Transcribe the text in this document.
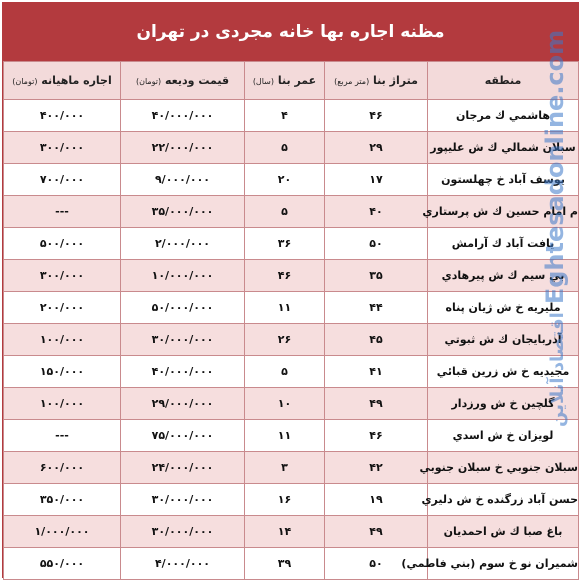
مظنه اجاره بها خانه مجردی در تهران
منطقه	متراژ بنا (متر مربع)	عمر بنا (سال)	قیمت ودیعه (تومان)	اجاره ماهیانه (تومان)
هاشمي ك مرجان	۴۶	۴	۴۰/۰۰۰/۰۰۰	۴۰۰/۰۰۰
سبلان شمالي ك ش عليپور	۲۹	۵	۲۲/۰۰۰/۰۰۰	۳۰۰/۰۰۰
يوسف آباد خ چهلستون	۱۷	۲۰	۹/۰۰۰/۰۰۰	۷۰۰/۰۰۰
م امام حسين ك ش پرستاري	۴۰	۵	۳۵/۰۰۰/۰۰۰	---
يافت آباد ك آرامش	۵۰	۳۶	۲/۰۰۰/۰۰۰	۵۰۰/۰۰۰
بي سيم ك ش پيرهادي	۳۵	۴۶	۱۰/۰۰۰/۰۰۰	۳۰۰/۰۰۰
مليريه خ ش ژيان پناه	۴۴	۱۱	۵۰/۰۰۰/۰۰۰	۲۰۰/۰۰۰
آذربايجان ك ش ثبوتي	۴۵	۲۶	۳۰/۰۰۰/۰۰۰	۱۰۰/۰۰۰
مجيديه خ ش زرين قبائي	۴۱	۵	۴۰/۰۰۰/۰۰۰	۱۵۰/۰۰۰
گلچين خ ش ورزدار	۴۹	۱۰	۲۹/۰۰۰/۰۰۰	۱۰۰/۰۰۰
لويزان خ ش اسدي	۴۶	۱۱	۷۵/۰۰۰/۰۰۰	---
سبلان جنوبي خ سبلان جنوبي	۴۲	۳	۲۴/۰۰۰/۰۰۰	۶۰۰/۰۰۰
حسن آباد زرگنده خ ش دليري	۱۹	۱۶	۳۰/۰۰۰/۰۰۰	۳۵۰/۰۰۰
باغ صبا ك ش احمديان	۴۹	۱۴	۳۰/۰۰۰/۰۰۰	۱/۰۰۰/۰۰۰
شميران نو خ سوم (بني فاطمي)	۵۰	۳۹	۴/۰۰۰/۰۰۰	۵۵۰/۰۰۰
اقتصاد آنلاینEghtesadonline.com
